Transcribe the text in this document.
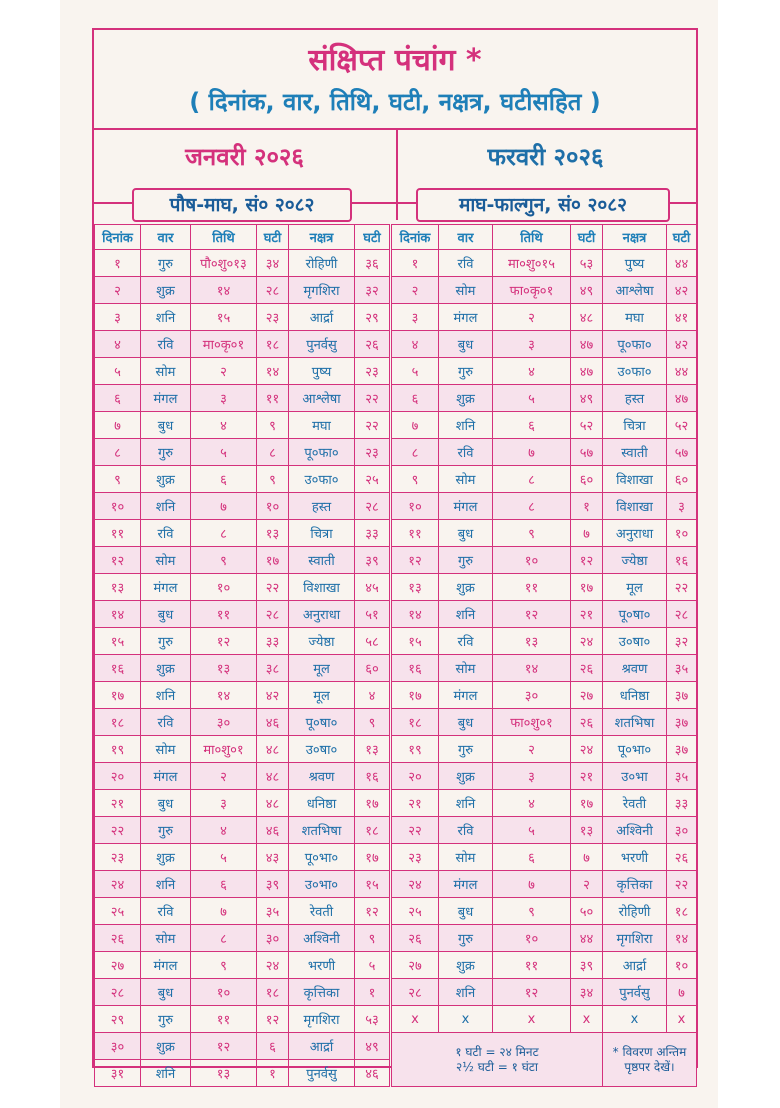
संक्षिप्त पंचांग *
( दिनांक, वार, तिथि, घटी, नक्षत्र, घटीसहित )
जनवरी २०२६	फरवरी २०२६
पौष-माघ, सं० २०८२	माघ-फाल्गुन, सं० २०८२
दिनांक	वार	तिथि	घटी	नक्षत्र	घटी	दिनांक	वार	तिथि	घटी	नक्षत्र	घटी
१	गुरु	पौ०शु०१३	३४	रोहिणी	३६	१	रवि	मा०शु०१५	५३	पुष्य	४४
२	शुक्र	१४	२८	मृगशिरा	३२	२	सोम	फा०कृ०१	४९	आश्लेषा	४२
३	शनि	१५	२३	आर्द्रा	२९	३	मंगल	२	४८	मघा	४१
४	रवि	मा०कृ०१	१८	पुनर्वसु	२६	४	बुध	३	४७	पू०फा०	४२
५	सोम	२	१४	पुष्य	२३	५	गुरु	४	४७	उ०फा०	४४
६	मंगल	३	११	आश्लेषा	२२	६	शुक्र	५	४९	हस्त	४७
७	बुध	४	९	मघा	२२	७	शनि	६	५२	चित्रा	५२
८	गुरु	५	८	पू०फा०	२३	८	रवि	७	५७	स्वाती	५७
९	शुक्र	६	९	उ०फा०	२५	९	सोम	८	६०	विशाखा	६०
१०	शनि	७	१०	हस्त	२८	१०	मंगल	८	१	विशाखा	३
११	रवि	८	१३	चित्रा	३३	११	बुध	९	७	अनुराधा	१०
१२	सोम	९	१७	स्वाती	३९	१२	गुरु	१०	१२	ज्येष्ठा	१६
१३	मंगल	१०	२२	विशाखा	४५	१३	शुक्र	११	१७	मूल	२२
१४	बुध	११	२८	अनुराधा	५१	१४	शनि	१२	२१	पू०षा०	२८
१५	गुरु	१२	३३	ज्येष्ठा	५८	१५	रवि	१३	२४	उ०षा०	३२
१६	शुक्र	१३	३८	मूल	६०	१६	सोम	१४	२६	श्रवण	३५
१७	शनि	१४	४२	मूल	४	१७	मंगल	३०	२७	धनिष्ठा	३७
१८	रवि	३०	४६	पू०षा०	९	१८	बुध	फा०शु०१	२६	शतभिषा	३७
१९	सोम	मा०शु०१	४८	उ०षा०	१३	१९	गुरु	२	२४	पू०भा०	३७
२०	मंगल	२	४८	श्रवण	१६	२०	शुक्र	३	२१	उ०भा	३५
२१	बुध	३	४८	धनिष्ठा	१७	२१	शनि	४	१७	रेवती	३३
२२	गुरु	४	४६	शतभिषा	१८	२२	रवि	५	१३	अश्विनी	३०
२३	शुक्र	५	४३	पू०भा०	१७	२३	सोम	६	७	भरणी	२६
२४	शनि	६	३९	उ०भा०	१५	२४	मंगल	७	२	कृत्तिका	२२
२५	रवि	७	३५	रेवती	१२	२५	बुध	९	५०	रोहिणी	१८
२६	सोम	८	३०	अश्विनी	९	२६	गुरु	१०	४४	मृगशिरा	१४
२७	मंगल	९	२४	भरणी	५	२७	शुक्र	११	३९	आर्द्रा	१०
२८	बुध	१०	१८	कृत्तिका	१	२८	शनि	१२	३४	पुनर्वसु	७
२९	गुरु	११	१२	मृगशिरा	५३	x	x	x	x	x	x
३०	शुक्र	१२	६	आर्द्रा	४९	१ घटी = २४ मिनट
२½ घटी = १ घंटा				* विवरण अन्तिम पृष्ठपर देखें।	
३१	शनि	१३	१	पुनर्वसु	४६						
